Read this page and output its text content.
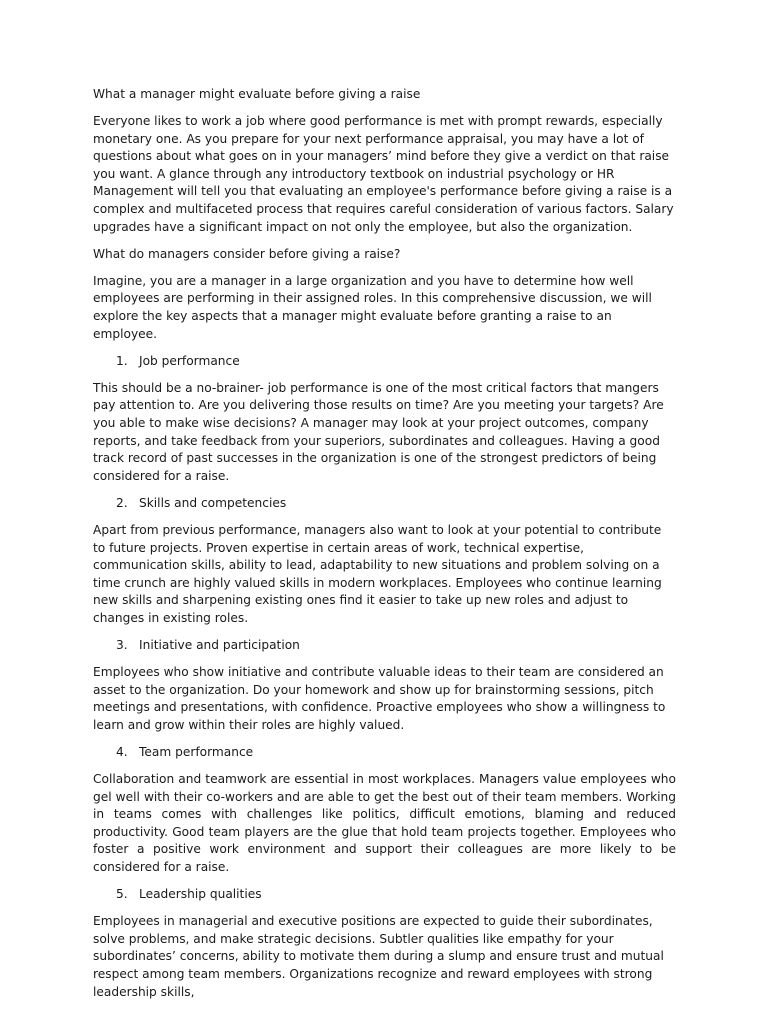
What a manager might evaluate before giving a raise

Everyone likes to work a job where good performance is met with prompt rewards, especially monetary one. As you prepare for your next performance appraisal, you may have a lot of questions about what goes on in your managers’ mind before they give a verdict on that raise you want. A glance through any introductory textbook on industrial psychology or HR Management will tell you that evaluating an employee's performance before giving a raise is a complex and multifaceted process that requires careful consideration of various factors. Salary upgrades have a significant impact on not only the employee, but also the organization.

What do managers consider before giving a raise?

Imagine, you are a manager in a large organization and you have to determine how well employees are performing in their assigned roles. In this comprehensive discussion, we will explore the key aspects that a manager might evaluate before granting a raise to an employee.

1. Job performance

This should be a no-brainer- job performance is one of the most critical factors that mangers pay attention to. Are you delivering those results on time? Are you meeting your targets? Are you able to make wise decisions? A manager may look at your project outcomes, company reports, and take feedback from your superiors, subordinates and colleagues. Having a good track record of past successes in the organization is one of the strongest predictors of being considered for a raise.

2. Skills and competencies

Apart from previous performance, managers also want to look at your potential to contribute to future projects. Proven expertise in certain areas of work, technical expertise, communication skills, ability to lead, adaptability to new situations and problem solving on a time crunch are highly valued skills in modern workplaces. Employees who continue learning new skills and sharpening existing ones find it easier to take up new roles and adjust to changes in existing roles.

3. Initiative and participation

Employees who show initiative and contribute valuable ideas to their team are considered an asset to the organization. Do your homework and show up for brainstorming sessions, pitch meetings and presentations, with confidence. Proactive employees who show a willingness to learn and grow within their roles are highly valued.

4. Team performance

Collaboration and teamwork are essential in most workplaces. Managers value employees who gel well with their co-workers and are able to get the best out of their team members. Working in teams comes with challenges like politics, difficult emotions, blaming and reduced productivity. Good team players are the glue that hold team projects together. Employees who foster a positive work environment and support their colleagues are more likely to be considered for a raise.

5. Leadership qualities

Employees in managerial and executive positions are expected to guide their subordinates, solve problems, and make strategic decisions. Subtler qualities like empathy for your subordinates’ concerns, ability to motivate them during a slump and ensure trust and mutual respect among team members. Organizations recognize and reward employees with strong leadership skills,
